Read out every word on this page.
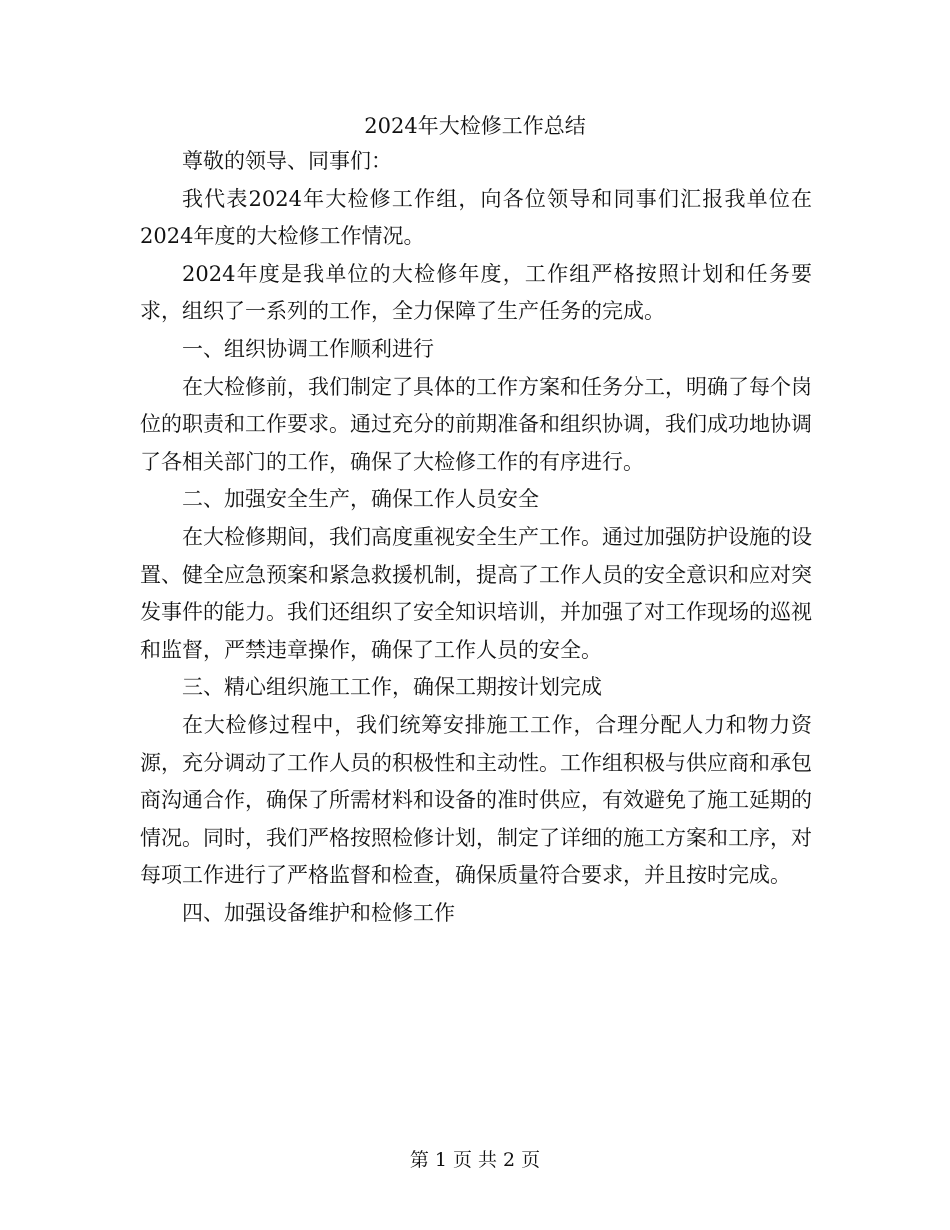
2024年大检修工作总结

尊敬的领导、同事们：

我代表2024年大检修工作组，向各位领导和同事们汇报我单位在2024年度的大检修工作情况。

2024年度是我单位的大检修年度，工作组严格按照计划和任务要求，组织了一系列的工作，全力保障了生产任务的完成。

一、组织协调工作顺利进行

在大检修前，我们制定了具体的工作方案和任务分工，明确了每个岗位的职责和工作要求。通过充分的前期准备和组织协调，我们成功地协调了各相关部门的工作，确保了大检修工作的有序进行。

二、加强安全生产，确保工作人员安全

在大检修期间，我们高度重视安全生产工作。通过加强防护设施的设置、健全应急预案和紧急救援机制，提高了工作人员的安全意识和应对突发事件的能力。我们还组织了安全知识培训，并加强了对工作现场的巡视和监督，严禁违章操作，确保了工作人员的安全。

三、精心组织施工工作，确保工期按计划完成

在大检修过程中，我们统筹安排施工工作，合理分配人力和物力资源，充分调动了工作人员的积极性和主动性。工作组积极与供应商和承包商沟通合作，确保了所需材料和设备的准时供应，有效避免了施工延期的情况。同时，我们严格按照检修计划，制定了详细的施工方案和工序，对每项工作进行了严格监督和检查，确保质量符合要求，并且按时完成。

四、加强设备维护和检修工作

第 1 页 共 2 页
